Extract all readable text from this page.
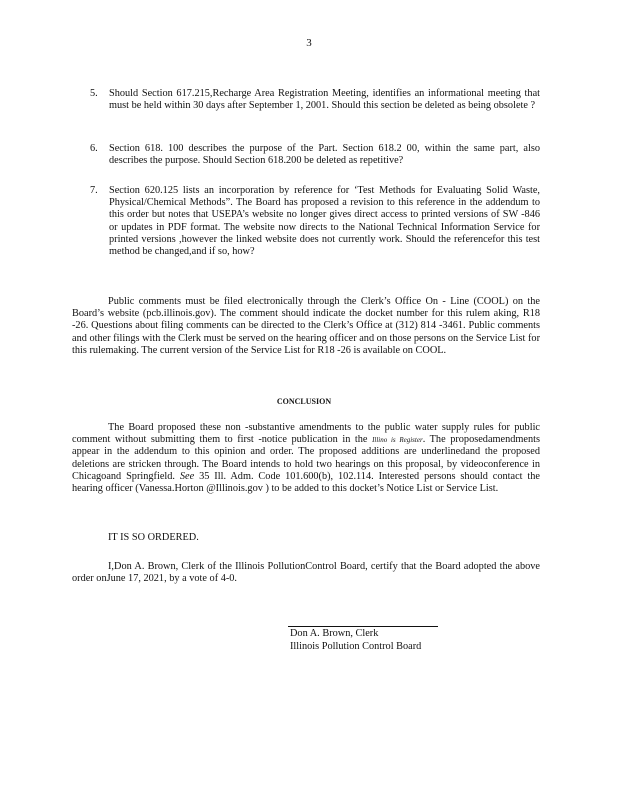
3
5. Should Section 617.215,Recharge Area Registration Meeting, identifies an informational meeting that must be held within 30 days after September 1, 2001. Should this section be deleted as being obsolete ?
6. Section 618. 100 describes the purpose of the Part. Section 618.2 00, within the same part, also describes the purpose. Should Section 618.200 be deleted as repetitive?
7. Section 620.125 lists an incorporation by reference for ‘Test Methods for Evaluating Solid Waste, Physical/Chemical Methods”. The Board has proposed a revision to this reference in the addendum to this order but notes that USEPA’s website no longer gives direct access to printed versions of SW -846 or updates in PDF format. The website now directs to the National Technical Information Service for printed versions ,however the linked website does not currently work. Should the referencefor this test method be changed,and if so, how?
Public comments must be filed electronically through the Clerk’s Office On - Line (COOL) on the Board’s website (pcb.illinois.gov). The comment should indicate the docket number for this rulem aking, R18 -26. Questions about filing comments can be directed to the Clerk’s Office at (312) 814 -3461. Public comments and other filings with the Clerk must be served on the hearing officer and on those persons on the Service List for this rulemaking. The current version of the Service List for R18 -26 is available on COOL.
CONCLUSION
The Board proposed these non -substantive amendments to the public water supply rules for public comment without submitting them to first -notice publication in the Illino is Register. The proposedamendments appear in the addendum to this opinion and order. The proposed additions are underlinedand the proposed deletions are stricken through. The Board intends to hold two hearings on this proposal, by videoconference in Chicagoand Springfield. See 35 Ill. Adm. Code 101.600(b), 102.114. Interested persons should contact the hearing officer (Vanessa.Horton @Illinois.gov ) to be added to this docket’s Notice List or Service List.
IT IS SO ORDERED.
I,Don A. Brown, Clerk of the Illinois PollutionControl Board, certify that the Board adopted the above order onJune 17, 2021, by a vote of 4-0.
Don A. Brown, Clerk
Illinois Pollution Control Board
